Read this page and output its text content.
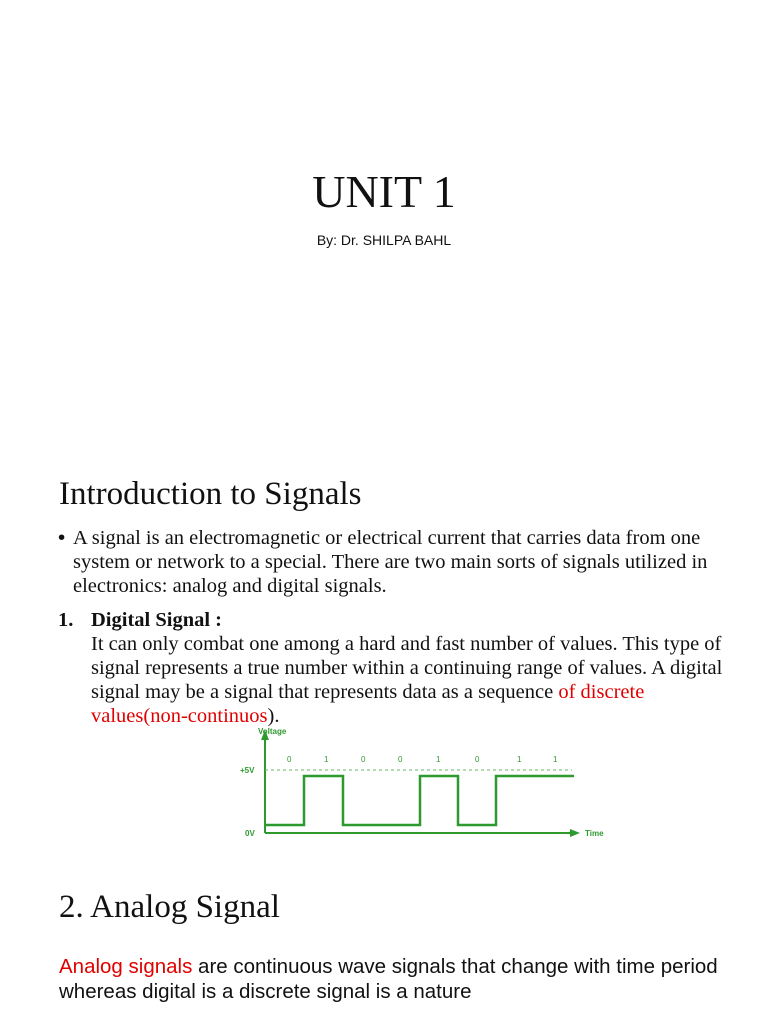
UNIT 1
By: Dr. SHILPA BAHL
Introduction to Signals
• A signal is an electromagnetic or electrical current that carries data from one system or network to a special. There are two main sorts of signals utilized in electronics: analog and digital signals.
1. Digital Signal :
It can only combat one among a hard and fast number of values. This type of signal represents a true number within a continuing range of values. A digital signal may be a signal that represents data as a sequence of discrete values(non-continuos).
Voltage
Time
+5V
0V
0	1	0	0	1	0	1	1
2. Analog Signal
Analog signals are continuous wave signals that change with time period whereas digital is a discrete signal is a nature
